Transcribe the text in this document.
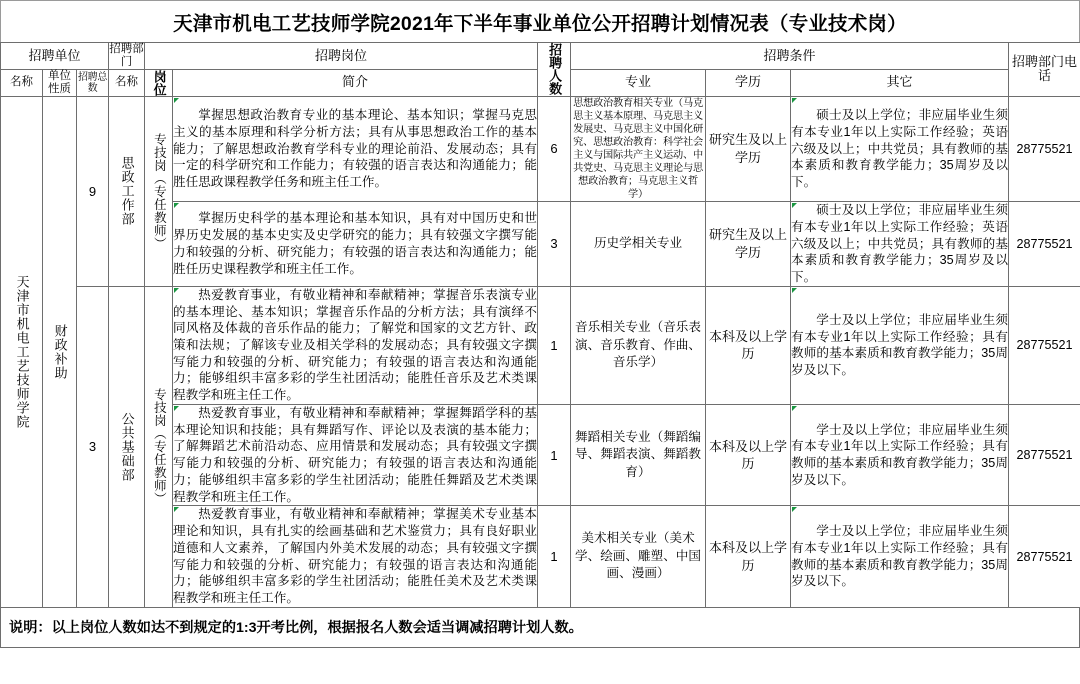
天津市机电工艺技师学院2021年下半年事业单位公开招聘计划情况表（专业技术岗）
招聘单位			招聘部门	招聘岗位		招聘人数	招聘条件			招聘部门电话
名称	单位性质	招聘总数	名称	岗位	简介		专业	学历	其它	

天津市机电工艺技师学院	财政补助	9	思政工作部	专技岗（专任教师）	掌握思想政治教育专业的基本理论、基本知识；掌握马克思主义的基本原理和科学分析方法；具有从事思想政治工作的基本能力；了解思想政治教育学科专业的理论前沿、发展动态；具有一定的科学研究和工作能力；有较强的语言表达和沟通能力；能胜任思政课程教学任务和班主任工作。	6	思想政治教育相关专业（马克思主义基本原理、马克思主义发展史、马克思主义中国化研究、思想政治教育：科学社会主义与国际共产主义运动、中共党史、马克思主义理论与思想政治教育；马克思主义哲学）	研究生及以上学历	硕士及以上学位；非应届毕业生须有本专业1年以上实际工作经验；英语六级及以上；中共党员；具有教师的基本素质和教育教学能力；35周岁及以下。	28775521

掌握历史科学的基本理论和基本知识，具有对中国历史和世界历史发展的基本史实及史学研究的能力；具有较强文字撰写能力和较强的分析、研究能力；有较强的语言表达和沟通能力；能胜任历史课程教学和班主任工作。	3	历史学相关专业	研究生及以上学历	硕士及以上学位；非应届毕业生须有本专业1年以上实际工作经验；英语六级及以上；中共党员；具有教师的基本素质和教育教学能力；35周岁及以下。	28775521
		3	公共基础部	专技岗（专任教师）	热爱教育事业，有敬业精神和奉献精神；掌握音乐表演专业的基本理论、基本知识；掌握音乐作品的分析方法；具有演绎不同风格及体裁的音乐作品的能力；了解党和国家的文艺方针、政策和法规；了解该专业及相关学科的发展动态；具有较强文字撰写能力和较强的分析、研究能力；有较强的语言表达和沟通能力；能够组织丰富多彩的学生社团活动；能胜任音乐及艺术类课程教学和班主任工作。	1	音乐相关专业（音乐表演、音乐教育、作曲、音乐学）	本科及以上学历	学士及以上学位；非应届毕业生须有本专业1年以上实际工作经验；具有教师的基本素质和教育教学能力；35周岁及以下。	28775521

热爱教育事业，有敬业精神和奉献精神；掌握舞蹈学科的基本理论知识和技能；具有舞蹈写作、评论以及表演的基本能力；了解舞蹈艺术前沿动态、应用情景和发展动态；具有较强文字撰写能力和较强的分析、研究能力；有较强的语言表达和沟通能力；能够组织丰富多彩的学生社团活动；能胜任舞蹈及艺术类课程教学和班主任工作。	1	舞蹈相关专业（舞蹈编导、舞蹈表演、舞蹈教育）	本科及以上学历	学士及以上学位；非应届毕业生须有本专业1年以上实际工作经验；具有教师的基本素质和教育教学能力；35周岁及以下。	28775521

热爱教育事业，有敬业精神和奉献精神；掌握美术专业基本理论和知识，具有扎实的绘画基础和艺术鉴赏力；具有良好职业道德和人文素养，了解国内外美术发展的动态；具有较强文字撰写能力和较强的分析、研究能力；有较强的语言表达和沟通能力；能够组织丰富多彩的学生社团活动；能胜任美术及艺术类课程教学和班主任工作。	1	美术相关专业（美术学、绘画、雕塑、中国画、漫画）	本科及以上学历	学士及以上学位；非应届毕业生须有本专业1年以上实际工作经验；具有教师的基本素质和教育教学能力；35周岁及以下。	28775521
说明：以上岗位人数如达不到规定的1:3开考比例，根据报名人数会适当调减招聘计划人数。
